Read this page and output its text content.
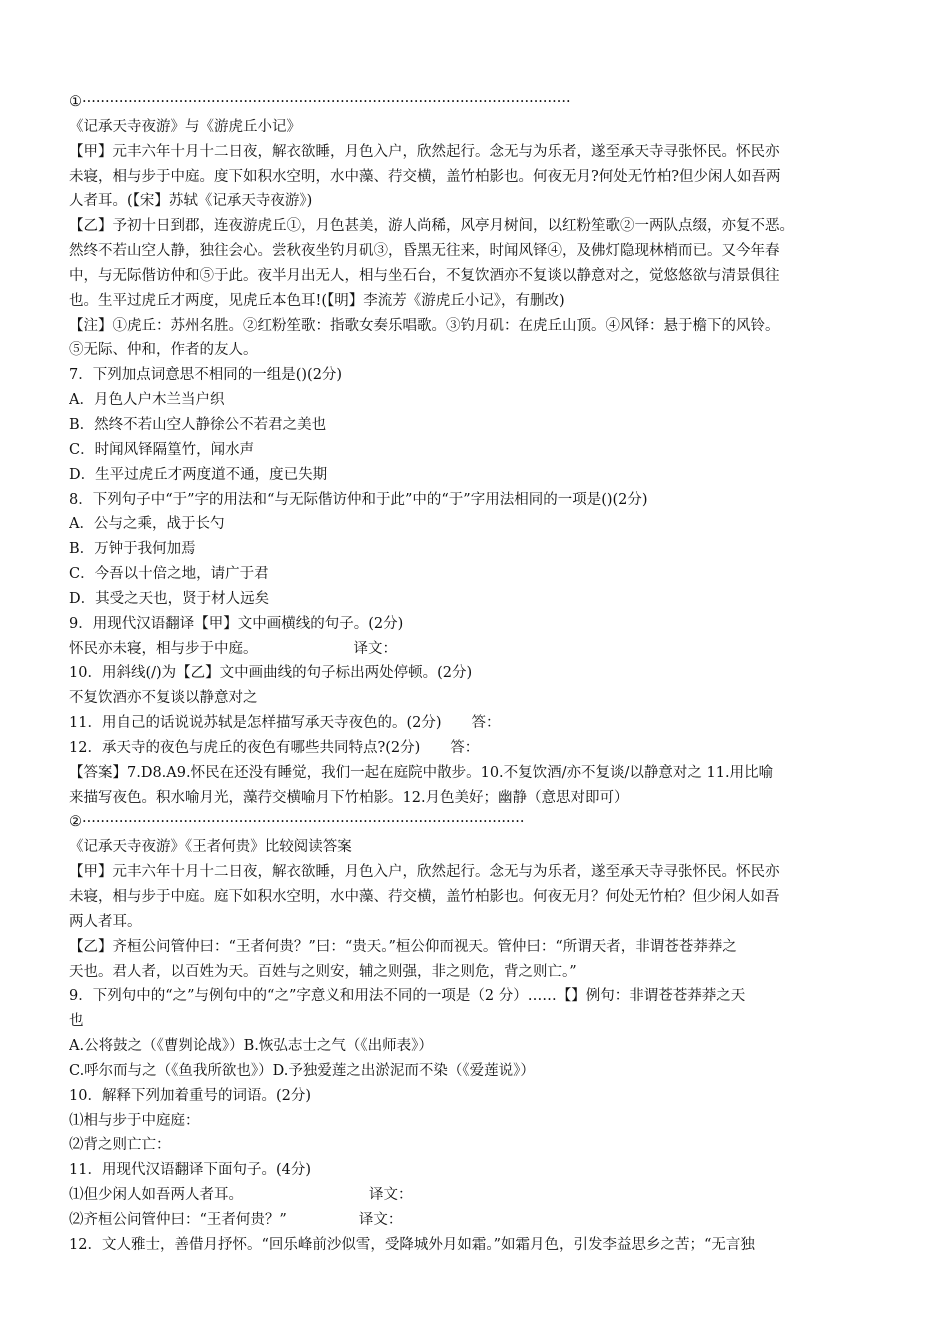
①··········································································································
《记承天寺夜游》与《游虎丘小记》
【甲】元丰六年十月十二日夜，解衣欲睡，月色入户，欣然起行。念无与为乐者，遂至承天寺寻张怀民。怀民亦
未寝，相与步于中庭。度下如积水空明，水中藻、荇交横，盖竹柏影也。何夜无月?何处无竹柏?但少闲人如吾两
人者耳。(【宋】苏轼《记承天寺夜游》)
【乙】予初十日到郡，连夜游虎丘①，月色甚美，游人尚稀，风亭月树间，以红粉笙歌②一两队点缀，亦复不恶。
然终不若山空人静，独往会心。尝秋夜坐钓月矶③，昏黑无往来，时闻风铎④，及佛灯隐现林梢而已。又今年春
中，与无际偕访仲和⑤于此。夜半月出无人，相与坐石台，不复饮酒亦不复谈以静意对之，觉悠悠欲与清景俱往
也。生平过虎丘才两度，见虎丘本色耳!(【明】李流芳《游虎丘小记》，有删改)
【注】①虎丘：苏州名胜。②红粉笙歌：指歌女奏乐唱歌。③钓月矶：在虎丘山顶。④风铎：悬于檐下的风铃。
⑤无际、仲和，作者的友人。
7．下列加点词意思不相同的一组是()(2分)
A．月色人户木兰当户织
B．然终不若山空人静徐公不若君之美也
C．时闻风铎隔篁竹，闻水声
D．生平过虎丘才两度道不通，度已失期
8．下列句子中“于”字的用法和“与无际偕访仲和于此”中的“于”字用法相同的一项是()(2分)
A．公与之乘，战于长勺
B．万钟于我何加焉
C．今吾以十倍之地，请广于君
D．其受之天也，贤于材人远矣
9．用现代汉语翻译【甲】文中画横线的句子。(2分)
怀民亦未寝，相与步于中庭。	译文：
10．用斜线(/)为【乙】文中画曲线的句子标出两处停顿。(2分)
不复饮酒亦不复谈以静意对之
11．用自己的话说说苏轼是怎样描写承天寺夜色的。(2分) 答：
12．承天寺的夜色与虎丘的夜色有哪些共同特点?(2分) 答：
【答案】7.D8.A9.怀民在还没有睡觉，我们一起在庭院中散步。10.不复饮酒/亦不复谈/以静意对之 11.用比喻
来描写夜色。积水喻月光，藻荇交横喻月下竹柏影。12.月色美好；幽静（意思对即可）
②································································································
《记承天寺夜游》《王者何贵》比较阅读答案
【甲】元丰六年十月十二日夜，解衣欲睡，月色入户，欣然起行。念无与为乐者，遂至承天寺寻张怀民。怀民亦
未寝，相与步于中庭。庭下如积水空明，水中藻、荇交横，盖竹柏影也。何夜无月？何处无竹柏？但少闲人如吾
两人者耳。
【乙】齐桓公问管仲曰：“王者何贵？”曰：“贵天。”桓公仰而视天。管仲曰：“所谓天者，非谓苍苍莽莽之
天也。君人者，以百姓为天。百姓与之则安，辅之则强，非之则危，背之则亡。”
9．下列句中的“之”与例句中的“之”字意义和用法不同的一项是（2 分）……【】例句：非谓苍苍莽莽之天
也
A.公将鼓之（《曹刿论战》）B.恢弘志士之气（《出师表》）
C.呼尔而与之（《鱼我所欲也》）D.予独爱莲之出淤泥而不染（《爱莲说》）
10．解释下列加着重号的词语。(2分)
⑴相与步于中庭庭：
⑵背之则亡亡：
11．用现代汉语翻译下面句子。(4分)
⑴但少闲人如吾两人者耳。	译文：
⑵齐桓公问管仲曰：“王者何贵？”	译文：
12．文人雅士，善借月抒怀。“回乐峰前沙似雪，受降城外月如霜。”如霜月色，引发李益思乡之苦；“无言独
